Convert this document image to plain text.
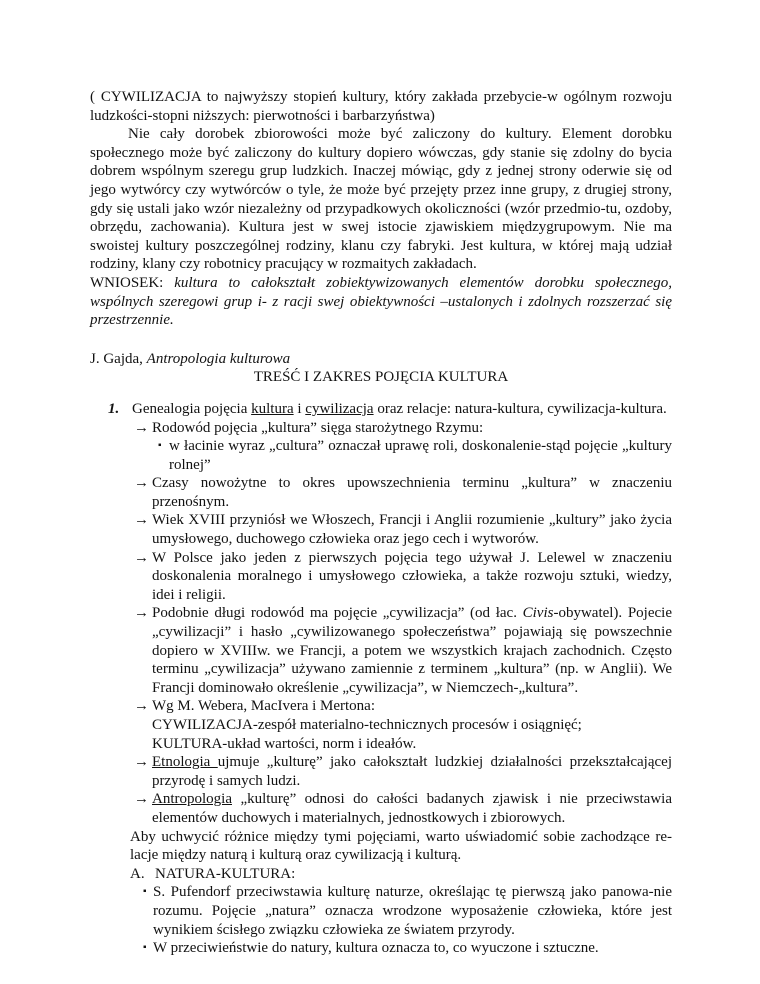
( CYWILIZACJA to najwyższy stopień kultury, który zakłada przebycie-w ogólnym rozwoju ludzkości-stopni niższych: pierwotności i barbarzyństwa)

Nie cały dorobek zbiorowości może być zaliczony do kultury. Element dorobku społecznego może być zaliczony do kultury dopiero wówczas, gdy stanie się zdolny do bycia dobrem wspólnym szeregu grup ludzkich. Inaczej mówiąc, gdy z jednej strony oderwie się od jego wytwórcy czy wytwórców o tyle, że może być przejęty przez inne grupy, z drugiej strony, gdy się ustali jako wzór niezależny od przypadkowych okoliczności (wzór przedmio-tu, ozdoby, obrzędu, zachowania). Kultura jest w swej istocie zjawiskiem międzygrupowym. Nie ma swoistej kultury poszczególnej rodziny, klanu czy fabryki. Jest kultura, w której mają udział rodziny, klany czy robotnicy pracujący w rozmaitych zakładach.

WNIOSEK: kultura to całokształt zobiektywizowanych elementów dorobku społecznego, wspólnych szeregowi grup i- z racji swej obiektywności –ustalonych i zdolnych rozszerzać się przestrzennie.

J. Gajda, Antropologia kulturowa

TREŚĆ I ZAKRES POJĘCIA KULTURA

1. Genealogia pojęcia kultura i cywilizacja oraz relacje: natura-kultura, cywilizacja-kultura.
→ Rodowód pojęcia „kultura” sięga starożytnego Rzymu:
▪ w łacinie wyraz „cultura” oznaczał uprawę roli, doskonalenie-stąd pojęcie „kultury rolnej”
→ Czasy nowożytne to okres upowszechnienia terminu „kultura” w znaczeniu przenośnym.
→ Wiek XVIII przyniósł we Włoszech, Francji i Anglii rozumienie „kultury” jako życia umysłowego, duchowego człowieka oraz jego cech i wytworów.
→ W Polsce jako jeden z pierwszych pojęcia tego używał J. Lelewel w znaczeniu doskonalenia moralnego i umysłowego człowieka, a także rozwoju sztuki, wiedzy, idei i religii.
→ Podobnie długi rodowód ma pojęcie „cywilizacja” (od łac. Civis-obywatel). Pojecie „cywilizacji” i hasło „cywilizowanego społeczeństwa” pojawiają się powszechnie dopiero w XVIIIw. we Francji, a potem we wszystkich krajach zachodnich. Często terminu „cywilizacja” używano zamiennie z terminem „kultura” (np. w Anglii). We Francji dominowało określenie „cywilizacja”, w Niemczech-„kultura”.
→ Wg M. Webera, MacIvera i Mertona:
CYWILIZACJA-zespół materialno-technicznych procesów i osiągnięć;
KULTURA-układ wartości, norm i ideałów.
→ Etnologia ujmuje „kulturę” jako całokształt ludzkiej działalności przekształcającej przyrodę i samych ludzi.
→ Antropologia „kulturę” odnosi do całości badanych zjawisk i nie przeciwstawia elementów duchowych i materialnych, jednostkowych i zbiorowych.
Aby uchwycić różnice między tymi pojęciami, warto uświadomić sobie zachodzące re-lacje między naturą i kulturą oraz cywilizacją i kulturą.
A. NATURA-KULTURA:
▪ S. Pufendorf przeciwstawia kulturę naturze, określając tę pierwszą jako panowa-nie rozumu. Pojęcie „natura” oznacza wrodzone wyposażenie człowieka, które jest wynikiem ścisłego związku człowieka ze światem przyrody.
▪ W przeciwieństwie do natury, kultura oznacza to, co wyuczone i sztuczne.
